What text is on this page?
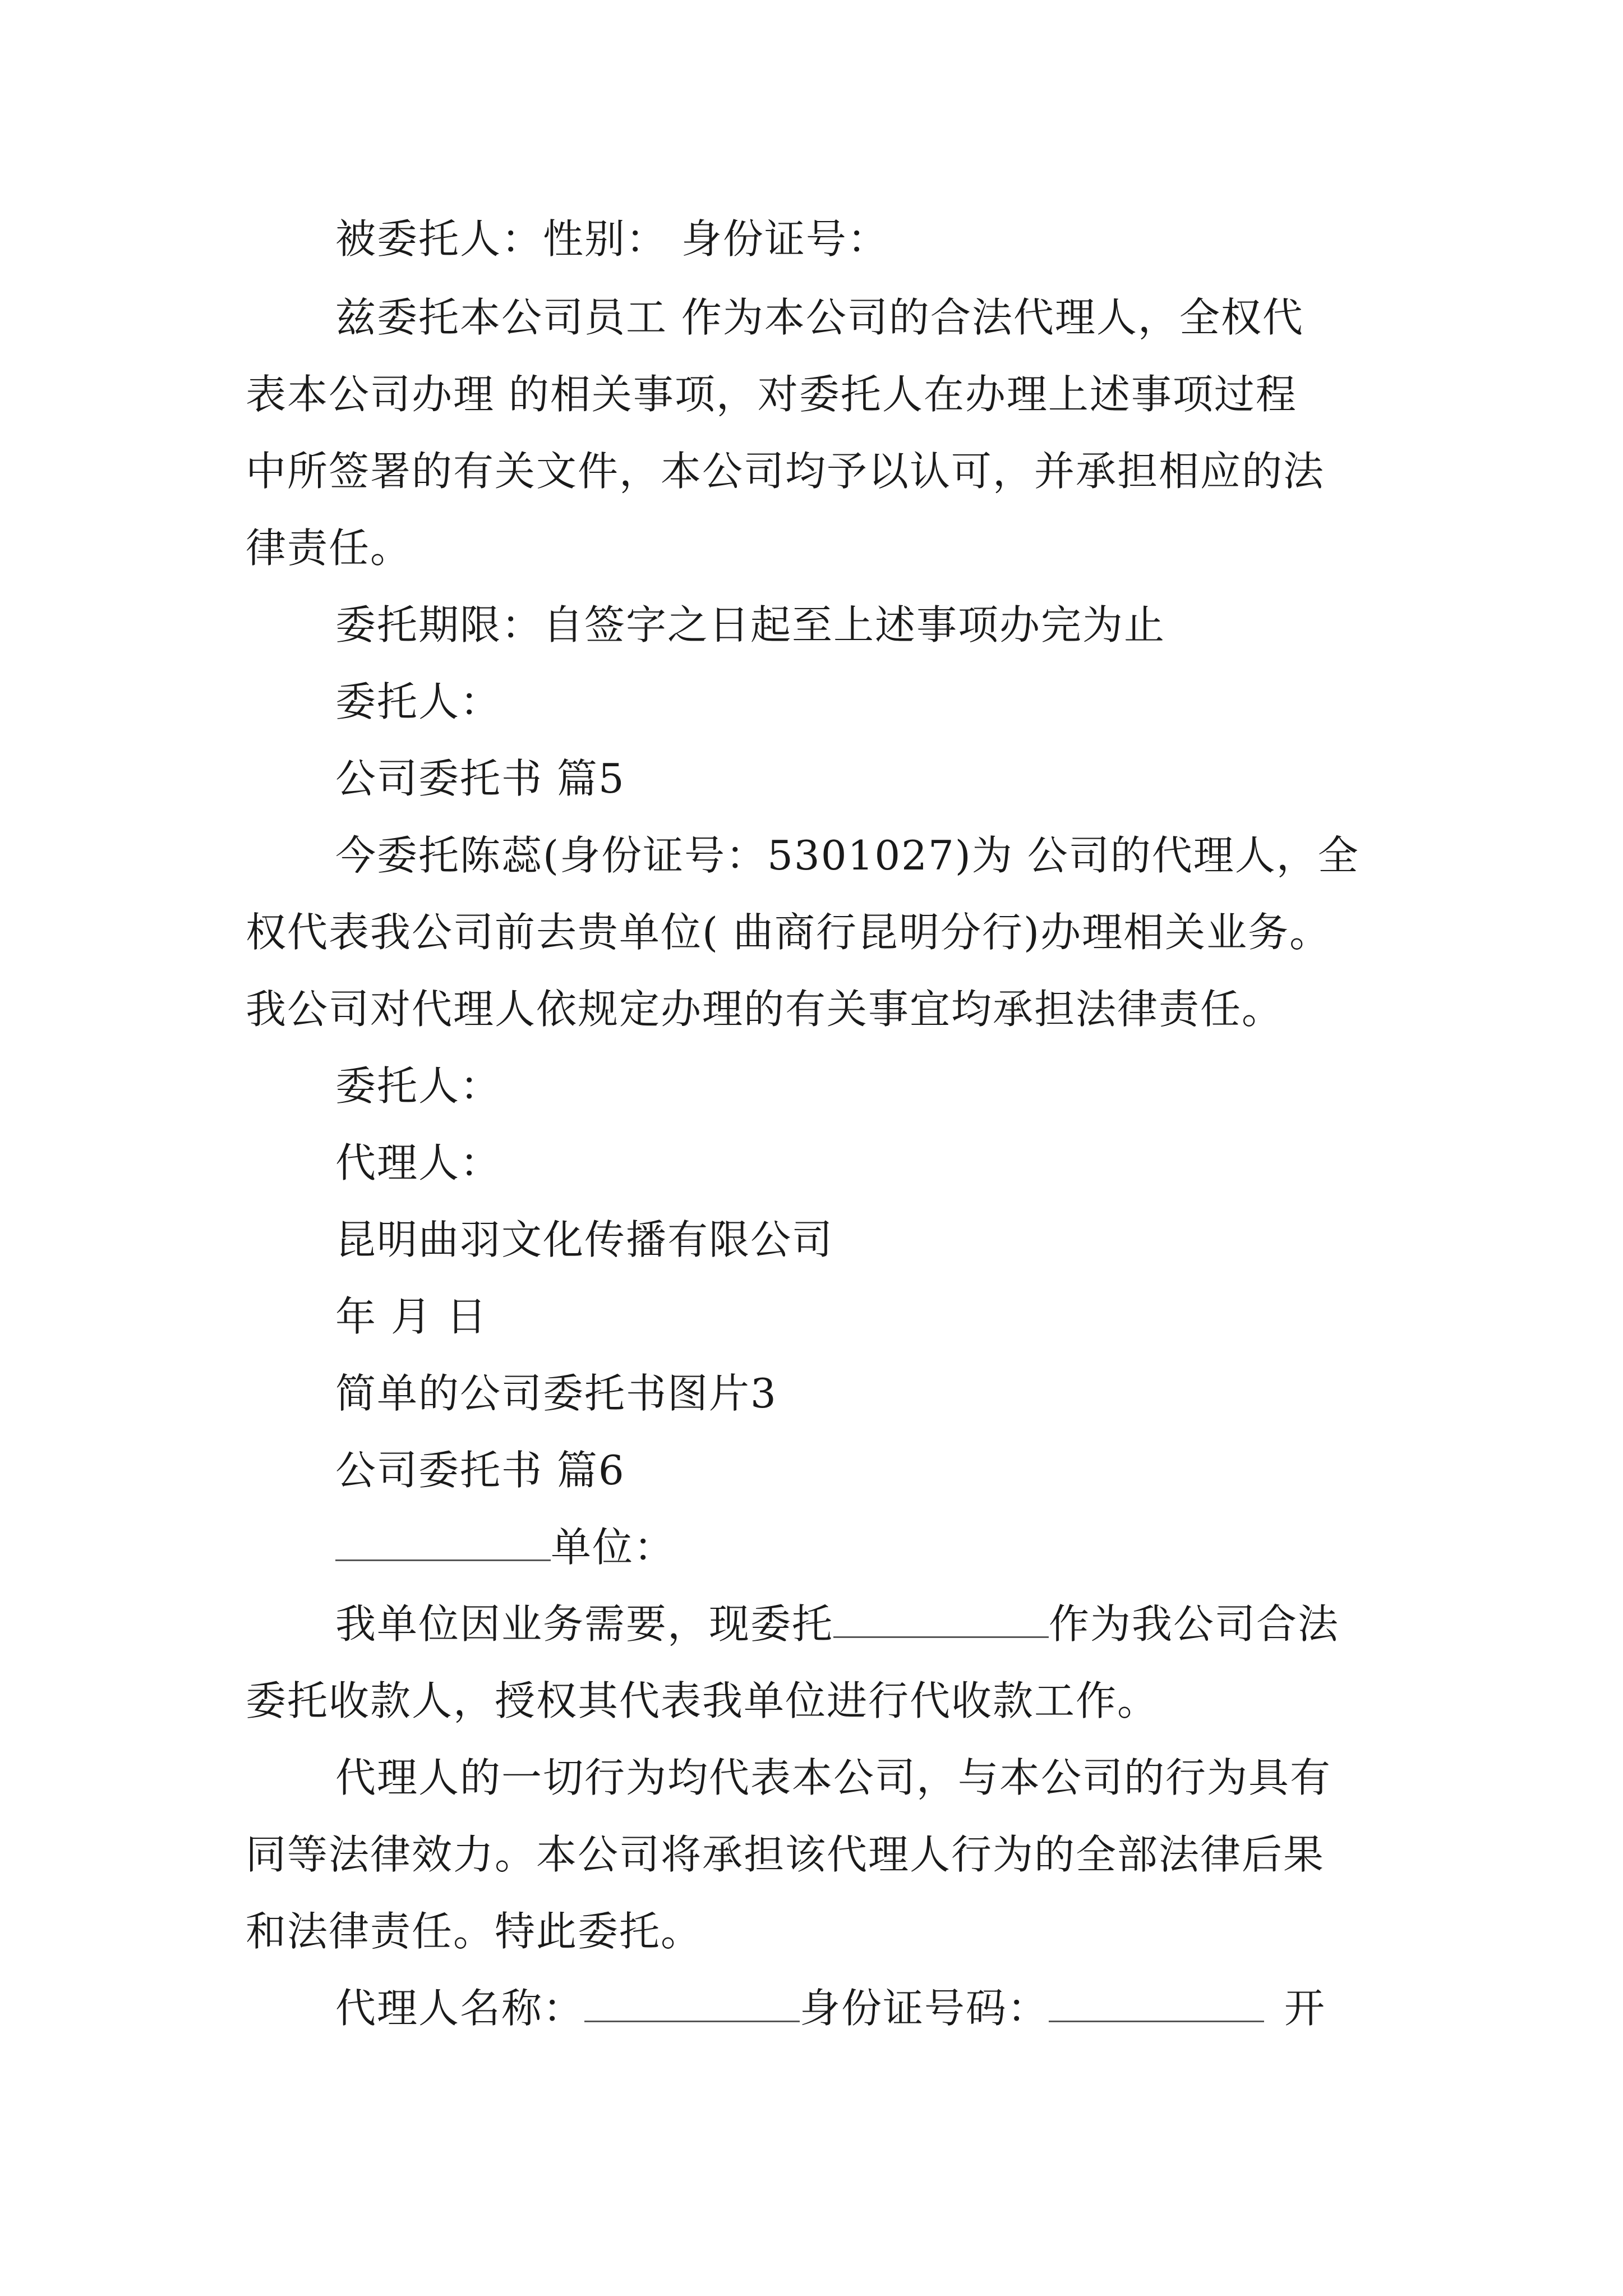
被委托人：性别： 身份证号：
兹委托本公司员工 作为本公司的合法代理人，全权代
表本公司办理 的相关事项，对委托人在办理上述事项过程
中所签署的有关文件，本公司均予以认可，并承担相应的法
律责任。
委托期限：自签字之日起至上述事项办完为止
委托人：
公司委托书 篇5
今委托陈蕊(身份证号：5301027)为 公司的代理人，全
权代表我公司前去贵单位( 曲商行昆明分行)办理相关业务。
我公司对代理人依规定办理的有关事宜均承担法律责任。
委托人：
代理人：
昆明曲羽文化传播有限公司
年 月 日
简单的公司委托书图片3
公司委托书 篇6
单位：
我单位因业务需要，现委托	作为我公司合法
委托收款人，授权其代表我单位进行代收款工作。
代理人的一切行为均代表本公司，与本公司的行为具有
同等法律效力。本公司将承担该代理人行为的全部法律后果
和法律责任。特此委托。
代理人名称：	身份证号码：	开
